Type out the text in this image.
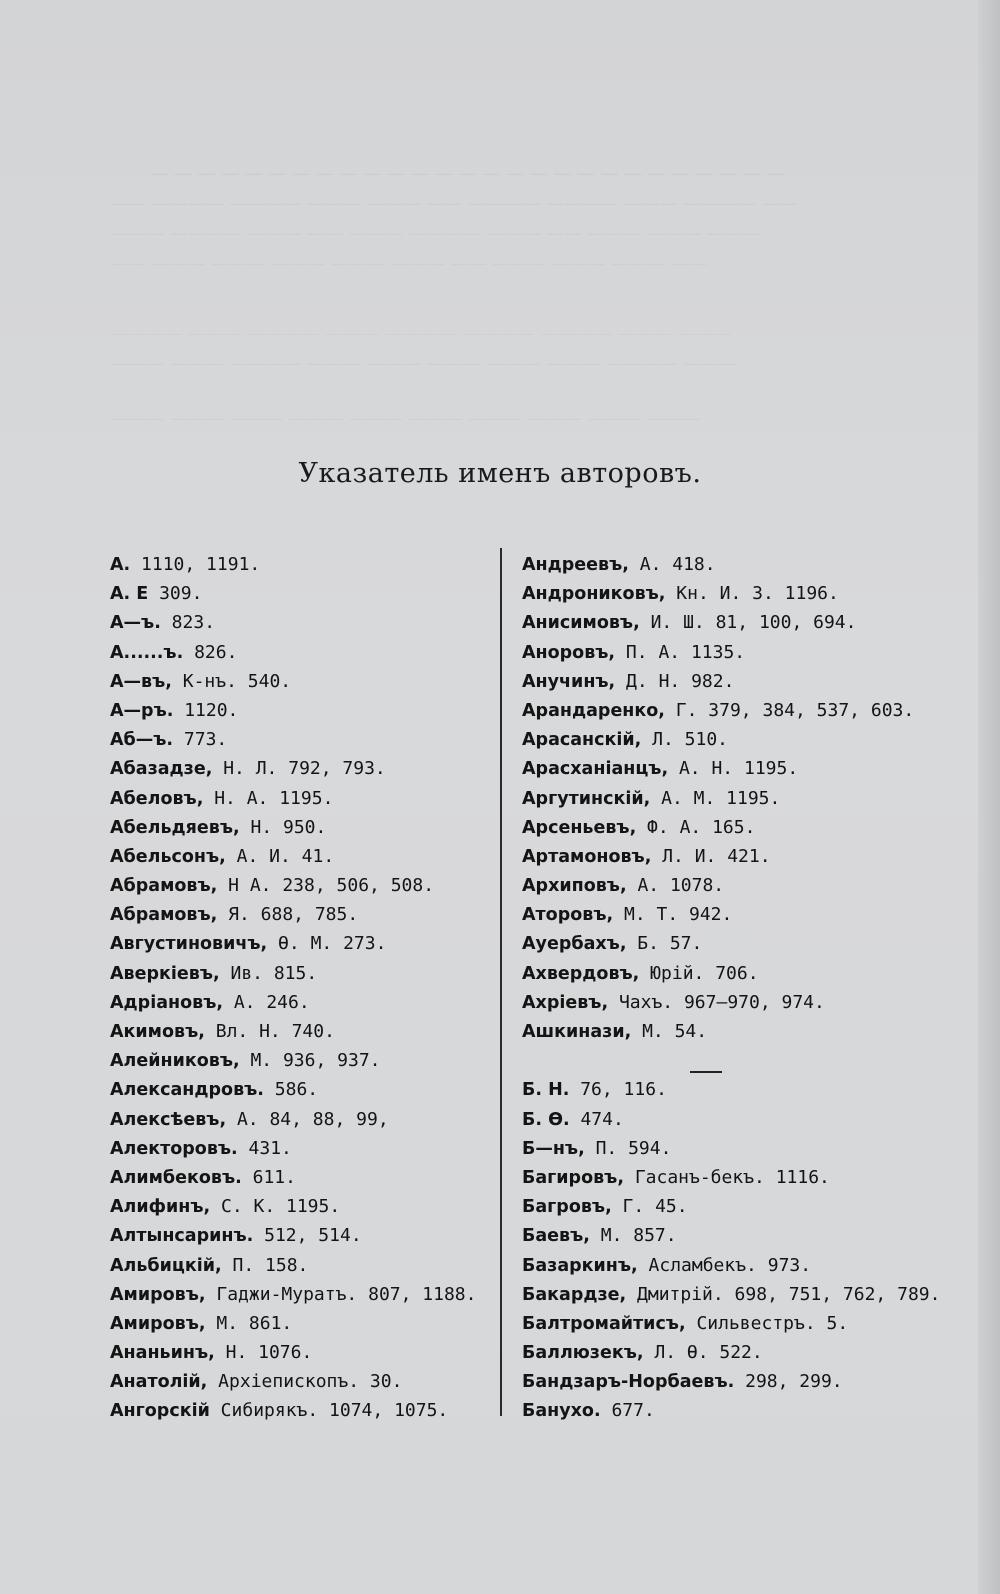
— — — — — — — — — — — — — — — — — — — — — — — — — — —
—— ———— ———— ——— ——— —— ———— ———— ——— ———— ——
——— ———— ——— —— ——— ———— ——— —— ——— ——— ———
—— ——— ——— ——— ——— ——— —— ——— ——— ——— ——
———— ——— ———— ——— ———— ———— ———— ——— ———
——— ——— ———— ——— ——— ——— ——— ——— ———— ———
——— ——— ——— ——— ——— ——— ——— ——— ——— ———
Указатель именъ авторовъ.
А. 1110, 1191.
А. Е 309.
А—ъ. 823.
А......ъ. 826.
А—въ, К-нъ. 540.
А—ръ. 1120.
Аб—ъ. 773.
Абазадзе, Н. Л. 792, 793.
Абеловъ, Н. А. 1195.
Абельдяевъ, Н. 950.
Абельсонъ, А. И. 41.
Абрамовъ, Н А. 238, 506, 508.
Абрамовъ, Я. 688, 785.
Августиновичъ, Ѳ. М. 273.
Аверкіевъ, Ив. 815.
Адріановъ, А. 246.
Акимовъ, Вл. Н. 740.
Алейниковъ, М. 936, 937.
Александровъ. 586.
Алексѣевъ, А. 84, 88, 99,
Алекторовъ. 431.
Алимбековъ. 611.
Алифинъ, С. К. 1195.
Алтынсаринъ. 512, 514.
Альбицкій, П. 158.
Амировъ, Гаджи-Муратъ. 807, 1188.
Амировъ, М. 861.
Ананьинъ, Н. 1076.
Анатолій, Архіепископъ. 30.
Ангорскій Сибирякъ. 1074, 1075.
Андреевъ, А. 418.
Андрониковъ, Кн. И. З. 1196.
Анисимовъ, И. Ш. 81, 100, 694.
Аноровъ, П. А. 1135.
Анучинъ, Д. Н. 982.
Арандаренко, Г. 379, 384, 537, 603.
Арасанскій, Л. 510.
Арасханіанцъ, А. Н. 1195.
Аргутинскій, А. М. 1195.
Арсеньевъ, Ф. А. 165.
Артамоновъ, Л. И. 421.
Архиповъ, А. 1078.
Аторовъ, М. Т. 942.
Ауербахъ, Б. 57.
Ахвердовъ, Юрій. 706.
Ахріевъ, Чахъ. 967—970, 974.
Ашкинази, М. 54.
Б. Н. 76, 116.
Б. Ѳ. 474.
Б—нъ, П. 594.
Багировъ, Гасанъ-бекъ. 1116.
Багровъ, Г. 45.
Баевъ, М. 857.
Базаркинъ, Асламбекъ. 973.
Бакардзе, Дмитрій. 698, 751, 762, 789.
Балтромайтисъ, Сильвестръ. 5.
Баллюзекъ, Л. Ѳ. 522.
Бандзаръ-Норбаевъ. 298, 299.
Банухо. 677.
